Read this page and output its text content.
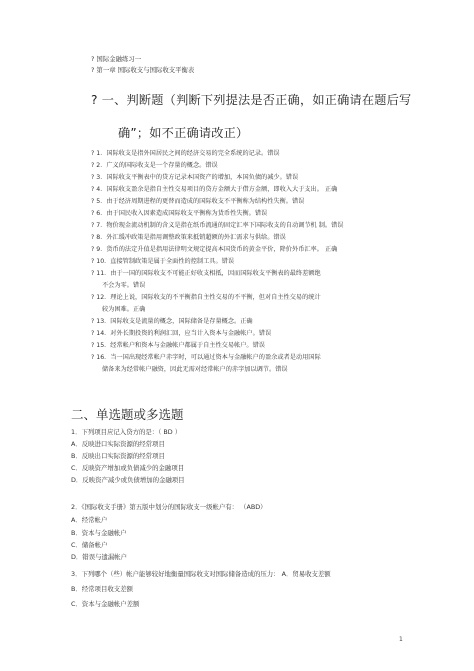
? 国际金融练习一
? 第一章 国际收支与国际收支平衡表
? 一、判断题（判断下列提法是否正确，如正确请在题后写
确”；如不正确请改正）
? 1．国际收支是指外国居民之间的经济交易的完全系统的记录。错误
? 2．广义的国际收支是一个存量的概念。错误
? 3．国际收支平衡表中的贷方记录本国资产的增加，本国负债的减少。错误
? 4．国际收支盈余是指自主性交易项目的贷方金额大于借方金额，即收入大于支出。 正确
? 5．由于经济周期进程的更替而造成的国际收支不平衡称为结构性失衡。错误
? 6．由于国民收入因素造成国际收支平衡称为货币性失衡。错误
? 7．物价现金流动机制的含义是指在纸币流通的固定汇率下国际收支的自动调节机 制。错误
? 8．外汇缓冲政策是指用调整政策来抵销超额的外汇需求与供给。错误
? 9．货币的法定升值是指用法律明文规定提高本国货币的黄金平价，降价外币汇率。 正确
? 10．直接管制政策是属于全面性的控制工具。错误
? 11．由于一国的国际收支不可能正好收支相抵，因而国际收支平衡表的最终差额绝
不会为零。错误
? 12．理论上说，国际收支的不平衡指自主性交易的不平衡，但对自主性交易的统计
较为困难。正确
? 13．国际收支是流量的概念，国际储备是存量概念。正确
? 14．对外长期投资的利润汇回，应当计入资本与金融帐户。错误
? 15．经常帐户和资本与金融帐户都属于自主性交易帐户。错误
? 16．当一国出现经常帐户赤字时，可以通过资本与金融帐户的盈余或者是动用国际
储备来为经常帐户融资，因此无需对经常帐户的赤字加以调节。错误
二、单选题或多选题
1．下列项目应记入贷方的是：（ BD ）
A．反映进口实际资源的经常项目
B．反映出口实际资源的经常项目
C．反映资产增加或负债减少的金融项目
D．反映资产减少或负债增加的金融项目
2．《国际收支手册》第五版中划分的国际收支一级帐户有： （ABD）
A．经常帐户
B．资本与金融帐户
C．储备帐户
D．错误与遗漏帐户
3．下列哪个（些）帐户能够较好地衡量国际收支对国际储备造成的压力： A．贸易收支差额
B．经常项目收支差额
C．资本与金融帐户差额
1
